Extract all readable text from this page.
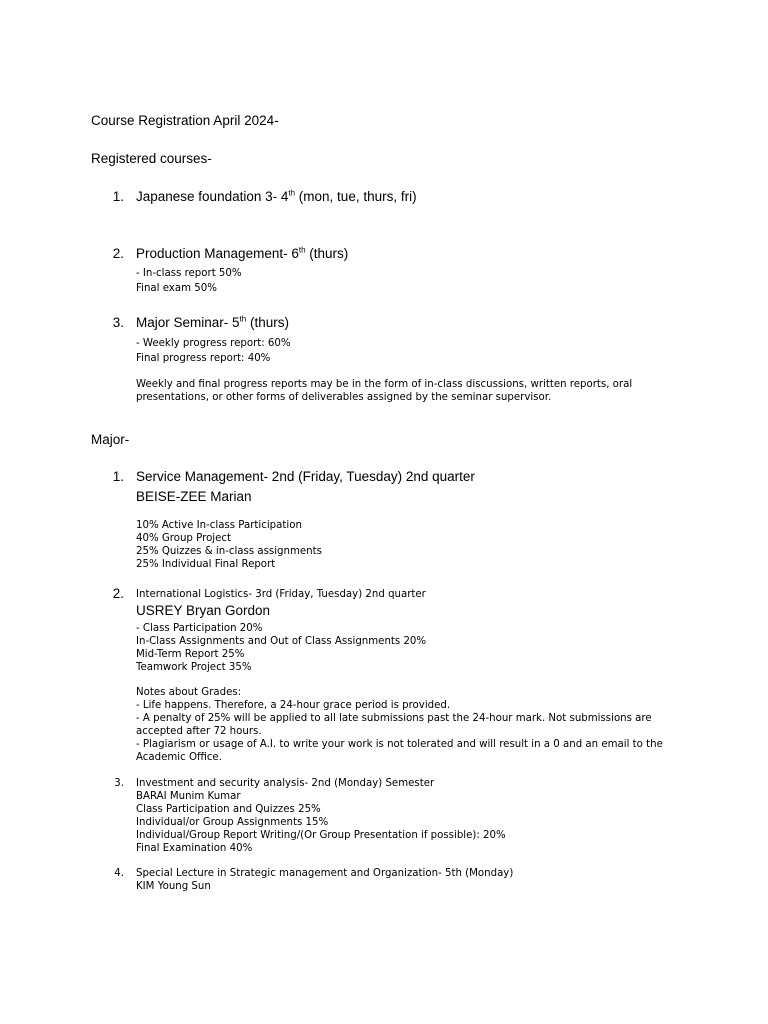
Course Registration April 2024-
Registered courses-
1. Japanese foundation 3- 4th (mon, tue, thurs, fri)
2. Production Management- 6th (thurs)
- In-class report 50%
Final exam 50%
3. Major Seminar- 5th (thurs)
- Weekly progress report: 60%
Final progress report: 40%
Weekly and final progress reports may be in the form of in-class discussions, written reports, oral
presentations, or other forms of deliverables assigned by the seminar supervisor.
Major-
1. Service Management- 2nd (Friday, Tuesday) 2nd quarter
BEISE-ZEE Marian
10% Active In-class Participation
40% Group Project
25% Quizzes & in-class assignments
25% Individual Final Report
2. International Logistics- 3rd (Friday, Tuesday) 2nd quarter
USREY Bryan Gordon
- Class Participation 20%
In-Class Assignments and Out of Class Assignments 20%
Mid-Term Report 25%
Teamwork Project 35%
Notes about Grades:
- Life happens. Therefore, a 24-hour grace period is provided.
- A penalty of 25% will be applied to all late submissions past the 24-hour mark. Not submissions are
accepted after 72 hours.
- Plagiarism or usage of A.I. to write your work is not tolerated and will result in a 0 and an email to the
Academic Office.
3. Investment and security analysis- 2nd (Monday) Semester
BARAI Munim Kumar
Class Participation and Quizzes 25%
Individual/or Group Assignments 15%
Individual/Group Report Writing/(Or Group Presentation if possible): 20%
Final Examination 40%
4. Special Lecture in Strategic management and Organization- 5th (Monday)
KIM Young Sun
